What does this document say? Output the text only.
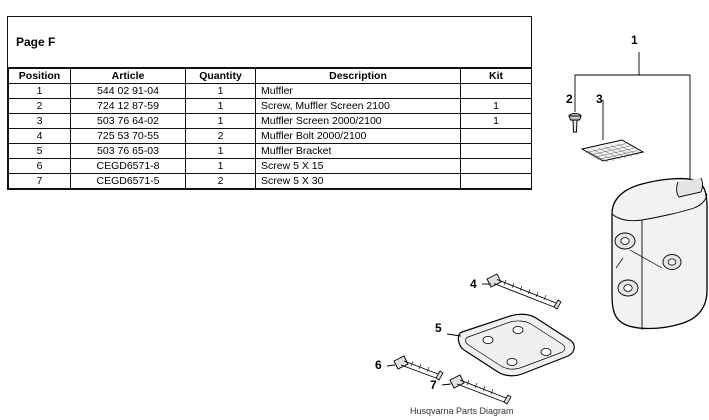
Page F
Position	Article	Quantity	Description	Kit
1	544 02 91-04	1	Muffler	
2	724 12 87-59	1	Screw, Muffler Screen 2100	1
3	503 76 64-02	1	Muffler Screen 2000/2100	1
4	725 53 70-55	2	Muffler Bolt 2000/2100	
5	503 76 65-03	1	Muffler Bracket	
6	CEGD6571-8	1	Screw 5 X 15	
7	CEGD6571-5	2	Screw 5 X 30	
1
2 3
4
5
6
7
Husqvarna Parts Diagram
